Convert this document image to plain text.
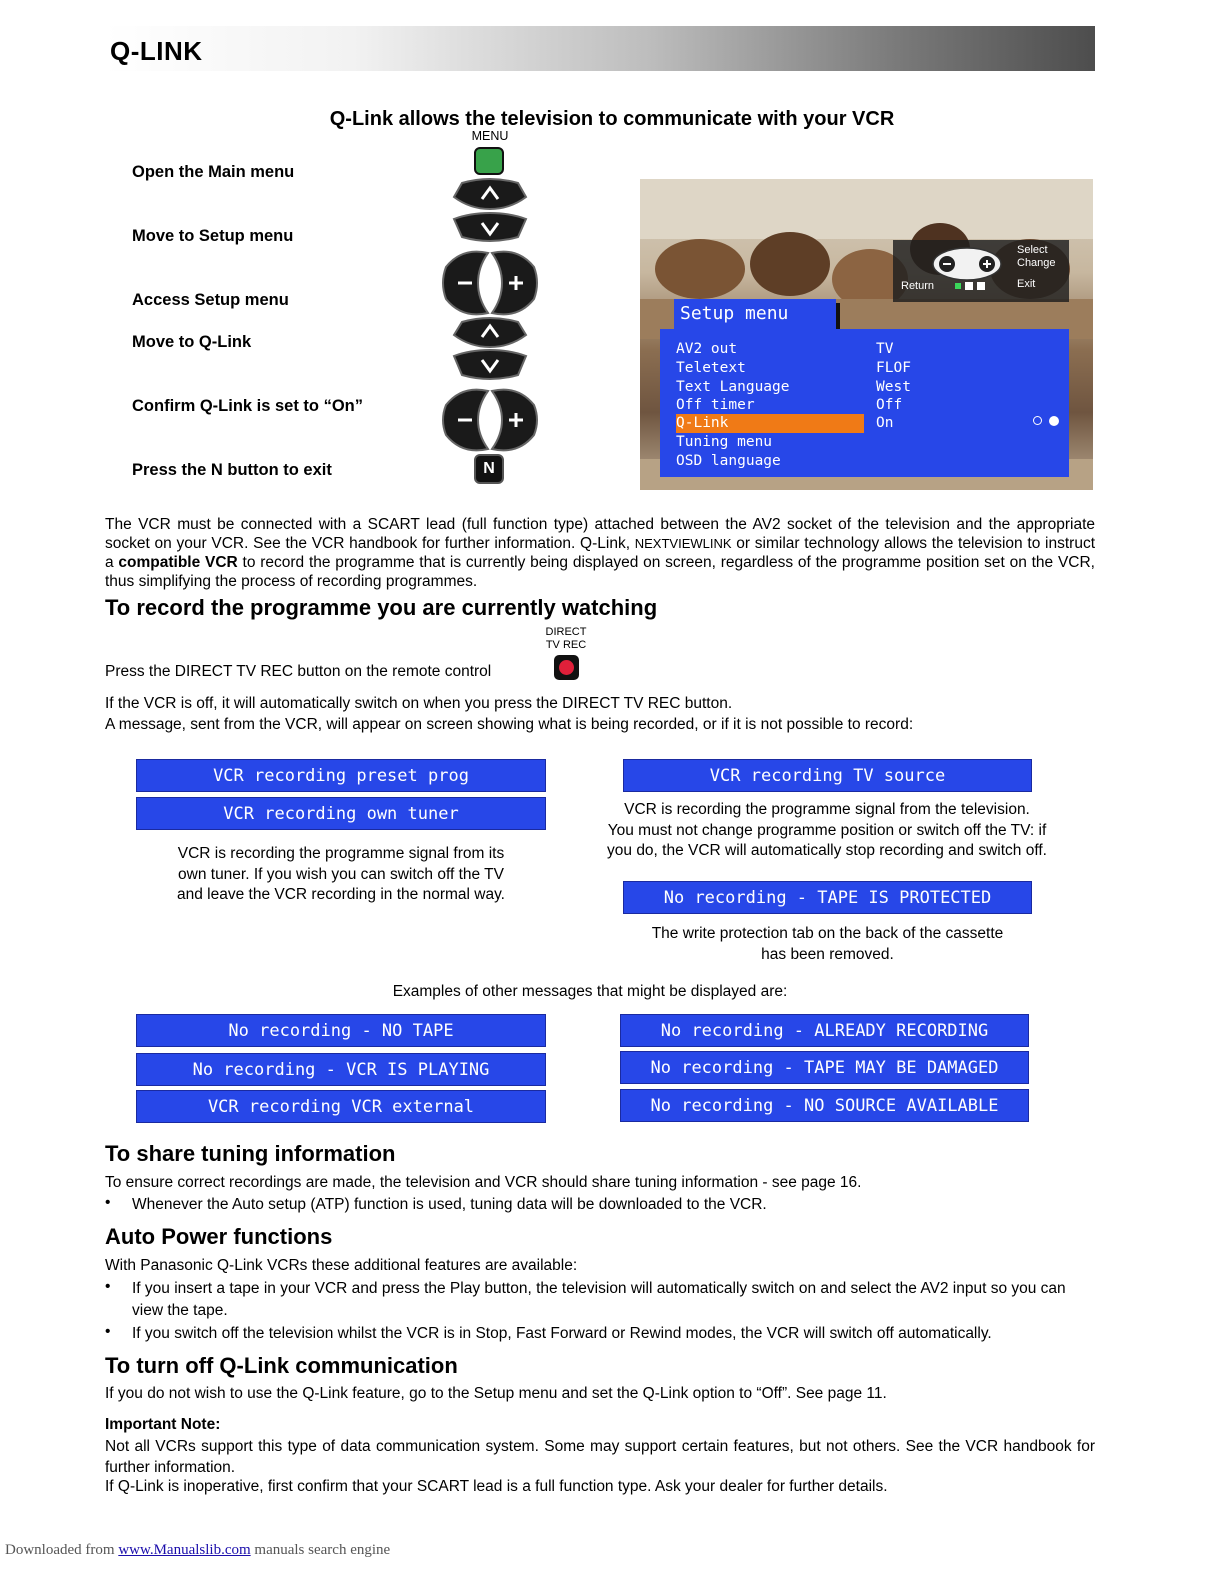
Q-LINK
Q-Link allows the television to communicate with your VCR
Open the Main menu
Move to Setup menu
Access Setup menu
Move to Q-Link
Confirm Q-Link is set to “On”
Press the N button to exit
MENU
N
Select
Change
Return	Exit
Setup menu
AV2 out	TV
Teletext	FLOF
Text Language	West
Off timer	Off
Q-Link	On
Tuning menu
OSD language
The VCR must be connected with a SCART lead (full function type) attached between the AV2 socket of the television and the appropriate socket on your VCR. See the VCR handbook for further information. Q-Link, NEXTVIEWLINK or similar technology allows the television to instruct a compatible VCR to record the programme that is currently being displayed on screen, regardless of the programme position set on the VCR, thus simplifying the process of recording programmes.
To record the programme you are currently watching
DIRECT
TV REC
Press the DIRECT TV REC button on the remote control
If the VCR is off, it will automatically switch on when you press the DIRECT TV REC button.
A message, sent from the VCR, will appear on screen showing what is being recorded, or if it is not possible to record:
VCR recording preset prog
VCR recording own tuner
VCR is recording the programme signal from its
own tuner. If you wish you can switch off the TV
and leave the VCR recording in the normal way.
VCR recording TV source
VCR is recording the programme signal from the television.
You must not change programme position or switch off the TV: if
you do, the VCR will automatically stop recording and switch off.
No recording - TAPE IS PROTECTED
The write protection tab on the back of the cassette
has been removed.
Examples of other messages that might be displayed are:
No recording - NO TAPE
No recording - VCR IS PLAYING
VCR recording VCR external
No recording - ALREADY RECORDING
No recording - TAPE MAY BE DAMAGED
No recording - NO SOURCE AVAILABLE
To share tuning information
To ensure correct recordings are made, the television and VCR should share tuning information - see page 16.
• Whenever the Auto setup (ATP) function is used, tuning data will be downloaded to the VCR.
Auto Power functions
With Panasonic Q-Link VCRs these additional features are available:
• If you insert a tape in your VCR and press the Play button, the television will automatically switch on and select the AV2 input so you can view the tape.
• If you switch off the television whilst the VCR is in Stop, Fast Forward or Rewind modes, the VCR will switch off automatically.
To turn off Q-Link communication
If you do not wish to use the Q-Link feature, go to the Setup menu and set the Q-Link option to “Off”. See page 11.
Important Note:
Not all VCRs support this type of data communication system. Some may support certain features, but not others. See the VCR handbook for further information.
If Q-Link is inoperative, first confirm that your SCART lead is a full function type. Ask your dealer for further details.
Downloaded from www.Manualslib.com manuals search engine
